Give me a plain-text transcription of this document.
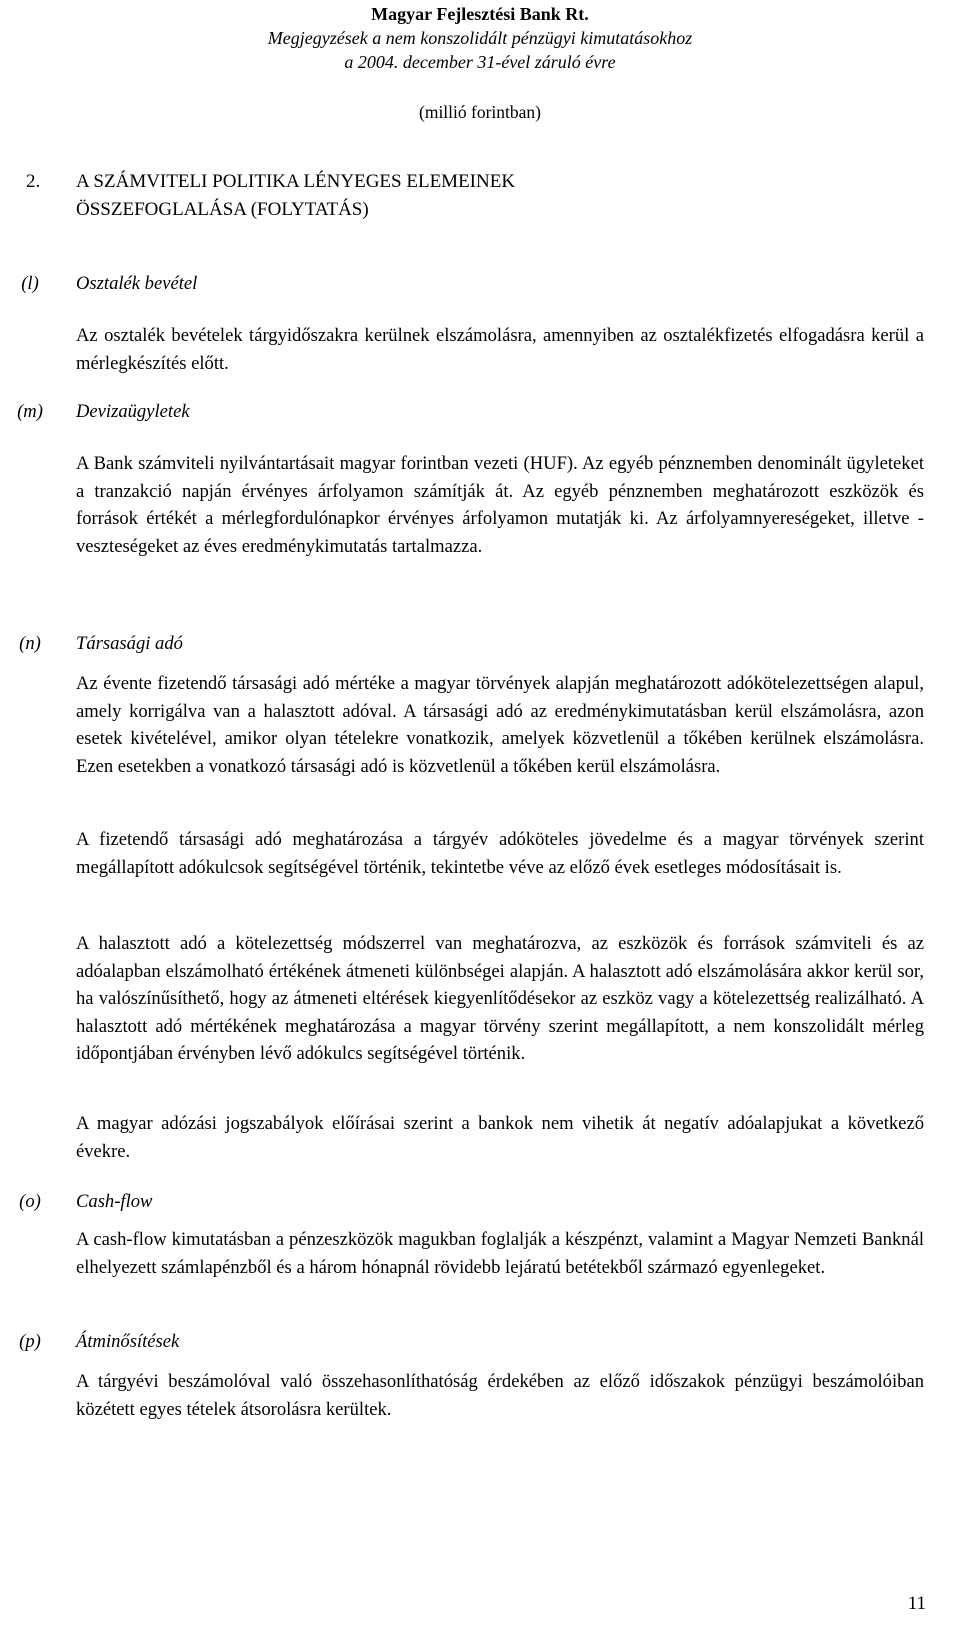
Magyar Fejlesztési Bank Rt.
Megjegyzések a nem konszolidált pénzügyi kimutatásokhoz
a 2004. december 31-ével záruló évre
(millió forintban)
2. A SZÁMVITELI POLITIKA LÉNYEGES ELEMEINEK
ÖSSZEFOGLALÁSA (FOLYTATÁS)
(l)	Osztalék bevétel

Az osztalék bevételek tárgyidőszakra kerülnek elszámolásra, amennyiben az osztalékfizetés elfogadásra kerül a mérlegkészítés előtt.

(m)	Devizaügyletek

A Bank számviteli nyilvántartásait magyar forintban vezeti (HUF). Az egyéb pénznemben denominált ügyleteket a tranzakció napján érvényes árfolyamon számítják át. Az egyéb pénznemben meghatározott eszközök és források értékét a mérlegfordulónapkor érvényes árfolyamon mutatják ki. Az árfolyamnyereségeket, illetve - veszteségeket az éves eredménykimutatás tartalmazza.

(n)	Társasági adó

Az évente fizetendő társasági adó mértéke a magyar törvények alapján meghatározott adókötelezettségen alapul, amely korrigálva van a halasztott adóval. A társasági adó az eredménykimutatásban kerül elszámolásra, azon esetek kivételével, amikor olyan tételekre vonatkozik, amelyek közvetlenül a tőkében kerülnek elszámolásra. Ezen esetekben a vonatkozó társasági adó is közvetlenül a tőkében kerül elszámolásra.

A fizetendő társasági adó meghatározása a tárgyév adóköteles jövedelme és a magyar törvények szerint megállapított adókulcsok segítségével történik, tekintetbe véve az előző évek esetleges módosításait is.

A halasztott adó a kötelezettség módszerrel van meghatározva, az eszközök és források számviteli és az adóalapban elszámolható értékének átmeneti különbségei alapján. A halasztott adó elszámolására akkor kerül sor, ha valószínűsíthető, hogy az átmeneti eltérések kiegyenlítődésekor az eszköz vagy a kötelezettség realizálható. A halasztott adó mértékének meghatározása a magyar törvény szerint megállapított, a nem konszolidált mérleg időpontjában érvényben lévő adókulcs segítségével történik.

A magyar adózási jogszabályok előírásai szerint a bankok nem vihetik át negatív adóalapjukat a következő évekre.

(o)	Cash-flow

A cash-flow kimutatásban a pénzeszközök magukban foglalják a készpénzt, valamint a Magyar Nemzeti Banknál elhelyezett számlapénzből és a három hónapnál rövidebb lejáratú betétekből származó egyenlegeket.

(p)	Átminősítések

A tárgyévi beszámolóval való összehasonlíthatóság érdekében az előző időszakok pénzügyi beszámolóiban közétett egyes tételek átsorolásra kerültek.

11
